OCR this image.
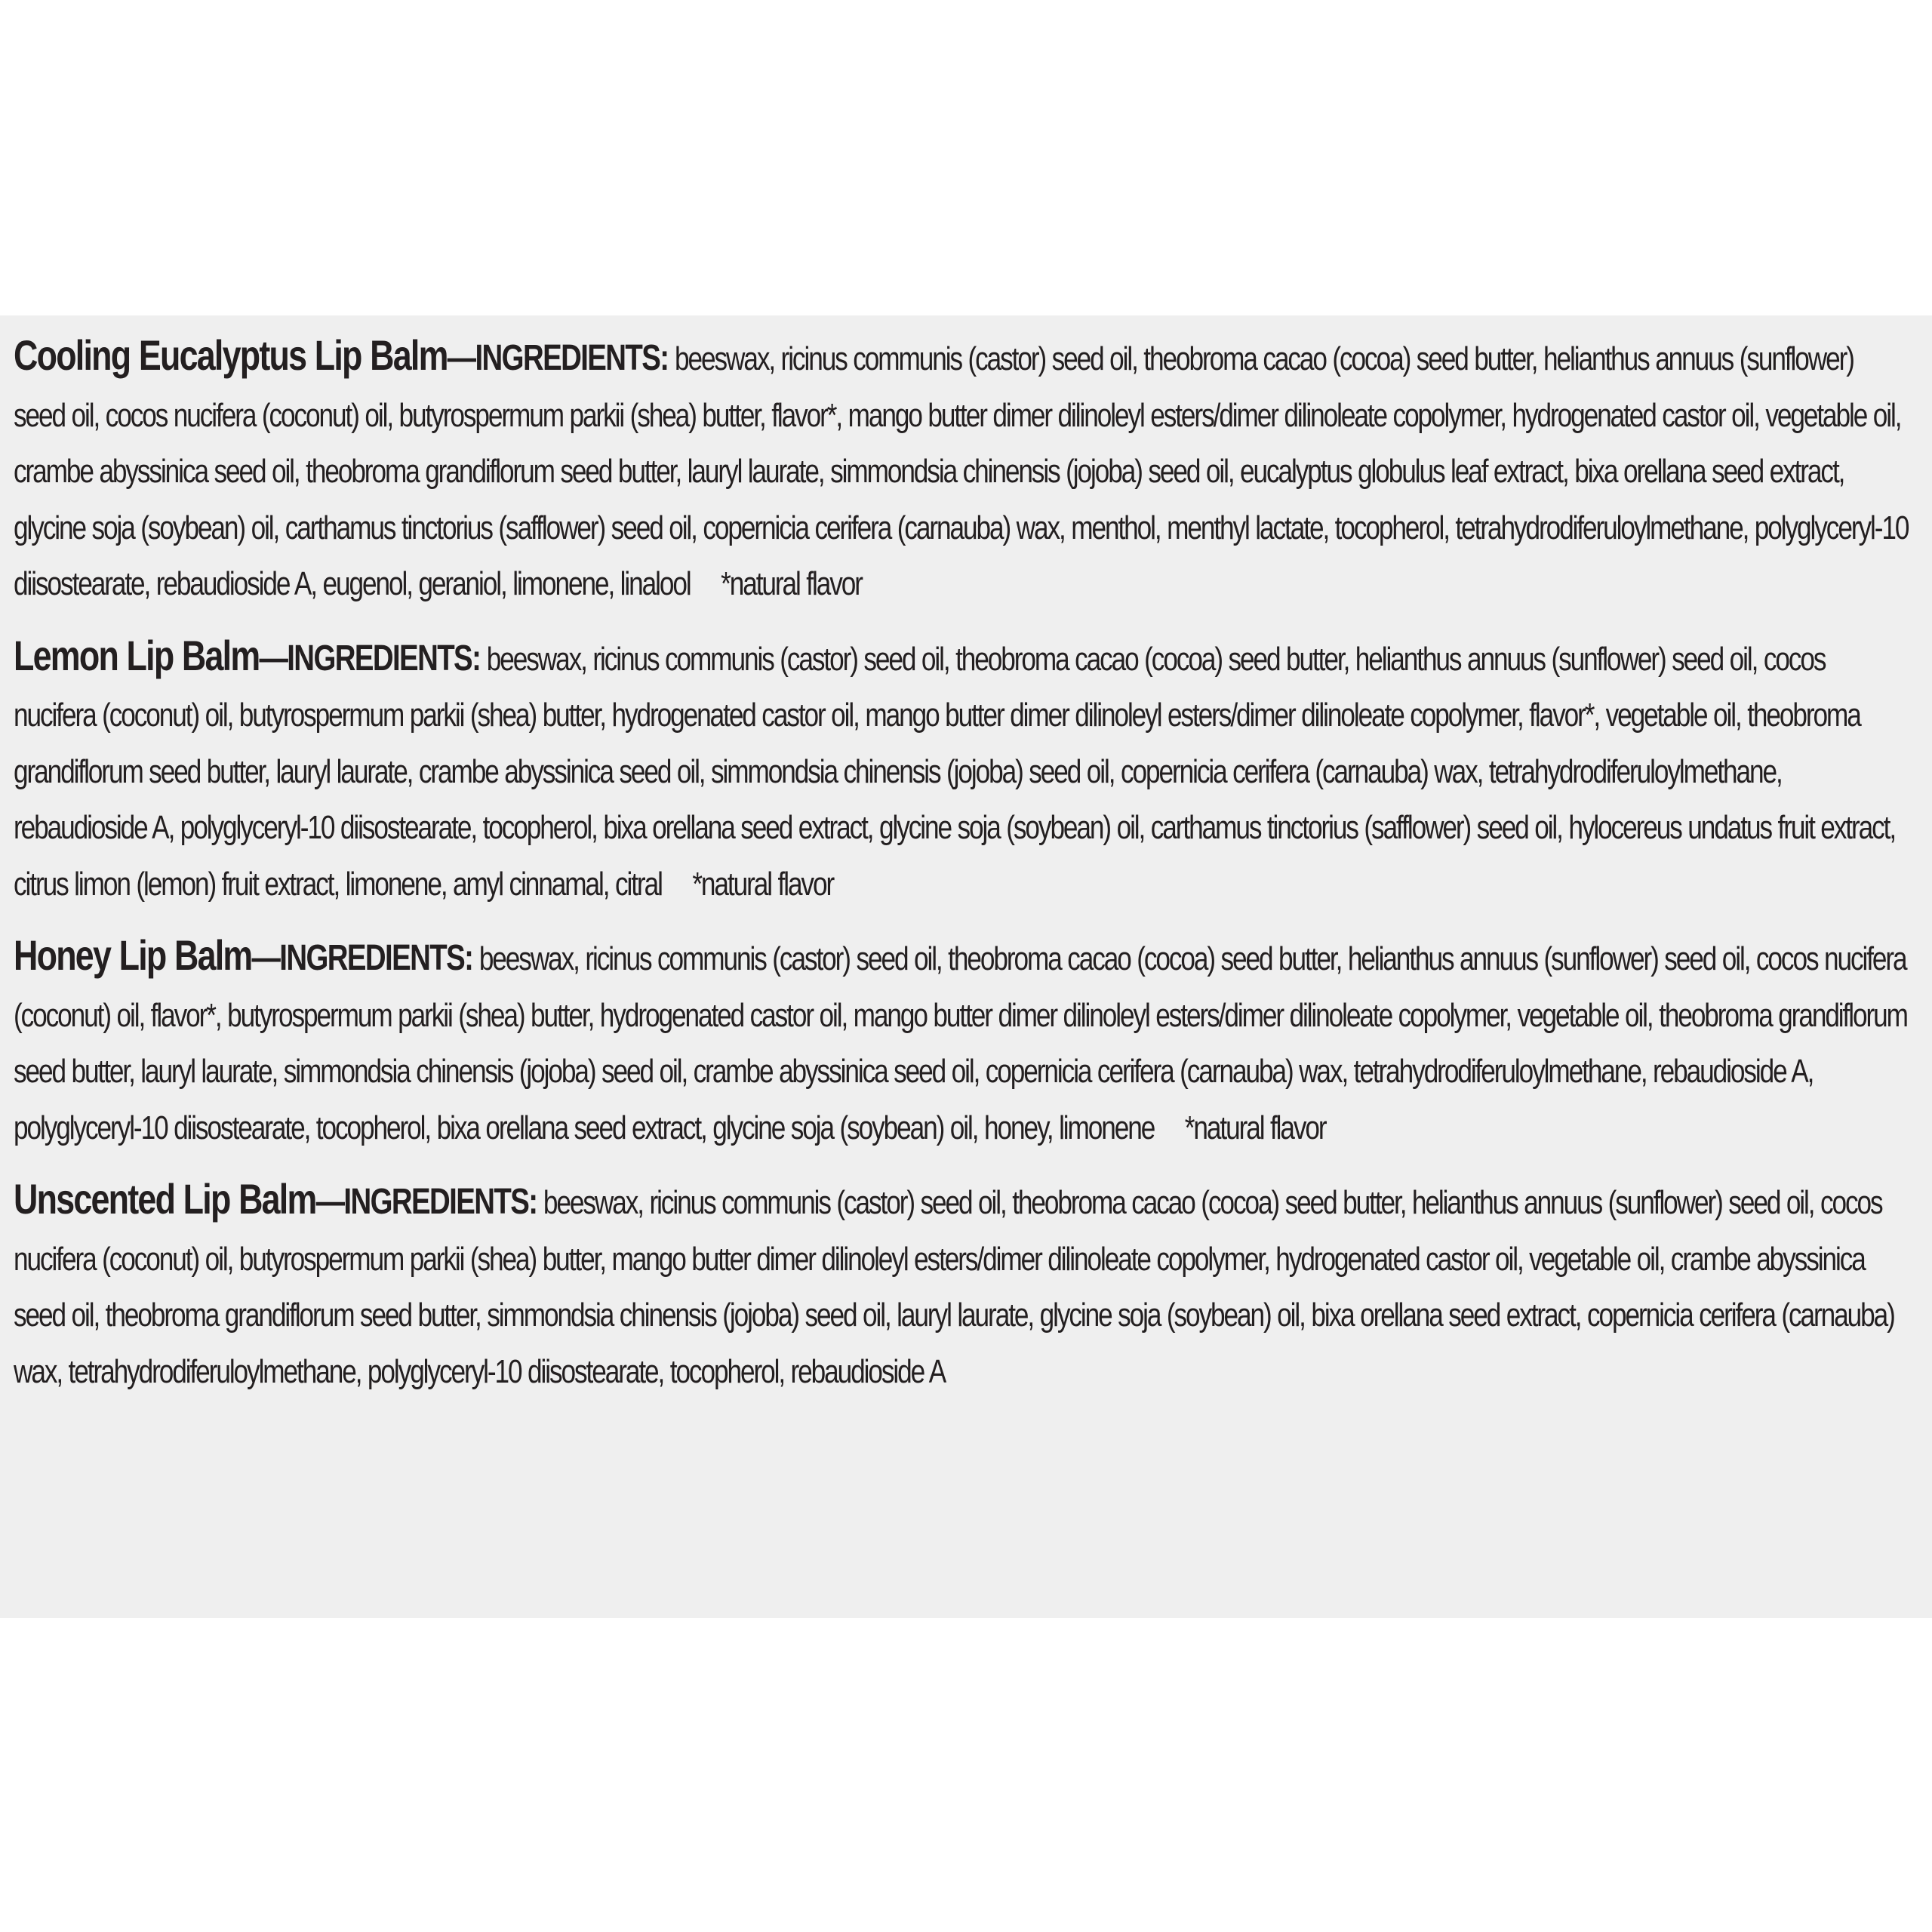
Cooling Eucalyptus Lip Balm—INGREDIENTS: beeswax, ricinus communis (castor) seed oil, theobroma cacao (cocoa) seed butter, helianthus annuus (sunflower) seed oil, cocos nucifera (coconut) oil, butyrospermum parkii (shea) butter, flavor*, mango butter dimer dilinoleyl esters/dimer dilinoleate copolymer, hydrogenated castor oil, vegetable oil, crambe abyssinica seed oil, theobroma grandiflorum seed butter, lauryl laurate, simmondsia chinensis (jojoba) seed oil, eucalyptus globulus leaf extract, bixa orellana seed extract, glycine soja (soybean) oil, carthamus tinctorius (safflower) seed oil, copernicia cerifera (carnauba) wax, menthol, menthyl lactate, tocopherol, tetrahydrodiferuloylmethane, polyglyceryl-10 diisostearate, rebaudioside A, eugenol, geraniol, limonene, linalool *natural flavor
Lemon Lip Balm—INGREDIENTS: beeswax, ricinus communis (castor) seed oil, theobroma cacao (cocoa) seed butter, helianthus annuus (sunflower) seed oil, cocos nucifera (coconut) oil, butyrospermum parkii (shea) butter, hydrogenated castor oil, mango butter dimer dilinoleyl esters/dimer dilinoleate copolymer, flavor*, vegetable oil, theobroma grandiflorum seed butter, lauryl laurate, crambe abyssinica seed oil, simmondsia chinensis (jojoba) seed oil, copernicia cerifera (carnauba) wax, tetrahydrodiferuloylmethane, rebaudioside A, polyglyceryl-10 diisostearate, tocopherol, bixa orellana seed extract, glycine soja (soybean) oil, carthamus tinctorius (safflower) seed oil, hylocereus undatus fruit extract, citrus limon (lemon) fruit extract, limonene, amyl cinnamal, citral *natural flavor
Honey Lip Balm—INGREDIENTS: beeswax, ricinus communis (castor) seed oil, theobroma cacao (cocoa) seed butter, helianthus annuus (sunflower) seed oil, cocos nucifera (coconut) oil, flavor*, butyrospermum parkii (shea) butter, hydrogenated castor oil, mango butter dimer dilinoleyl esters/dimer dilinoleate copolymer, vegetable oil, theobroma grandiflorum seed butter, lauryl laurate, simmondsia chinensis (jojoba) seed oil, crambe abyssinica seed oil, copernicia cerifera (carnauba) wax, tetrahydrodiferuloylmethane, rebaudioside A, polyglyceryl-10 diisostearate, tocopherol, bixa orellana seed extract, glycine soja (soybean) oil, honey, limonene *natural flavor
Unscented Lip Balm—INGREDIENTS: beeswax, ricinus communis (castor) seed oil, theobroma cacao (cocoa) seed butter, helianthus annuus (sunflower) seed oil, cocos nucifera (coconut) oil, butyrospermum parkii (shea) butter, mango butter dimer dilinoleyl esters/dimer dilinoleate copolymer, hydrogenated castor oil, vegetable oil, crambe abyssinica seed oil, theobroma grandiflorum seed butter, simmondsia chinensis (jojoba) seed oil, lauryl laurate, glycine soja (soybean) oil, bixa orellana seed extract, copernicia cerifera (carnauba) wax, tetrahydrodiferuloylmethane, polyglyceryl-10 diisostearate, tocopherol, rebaudioside A
